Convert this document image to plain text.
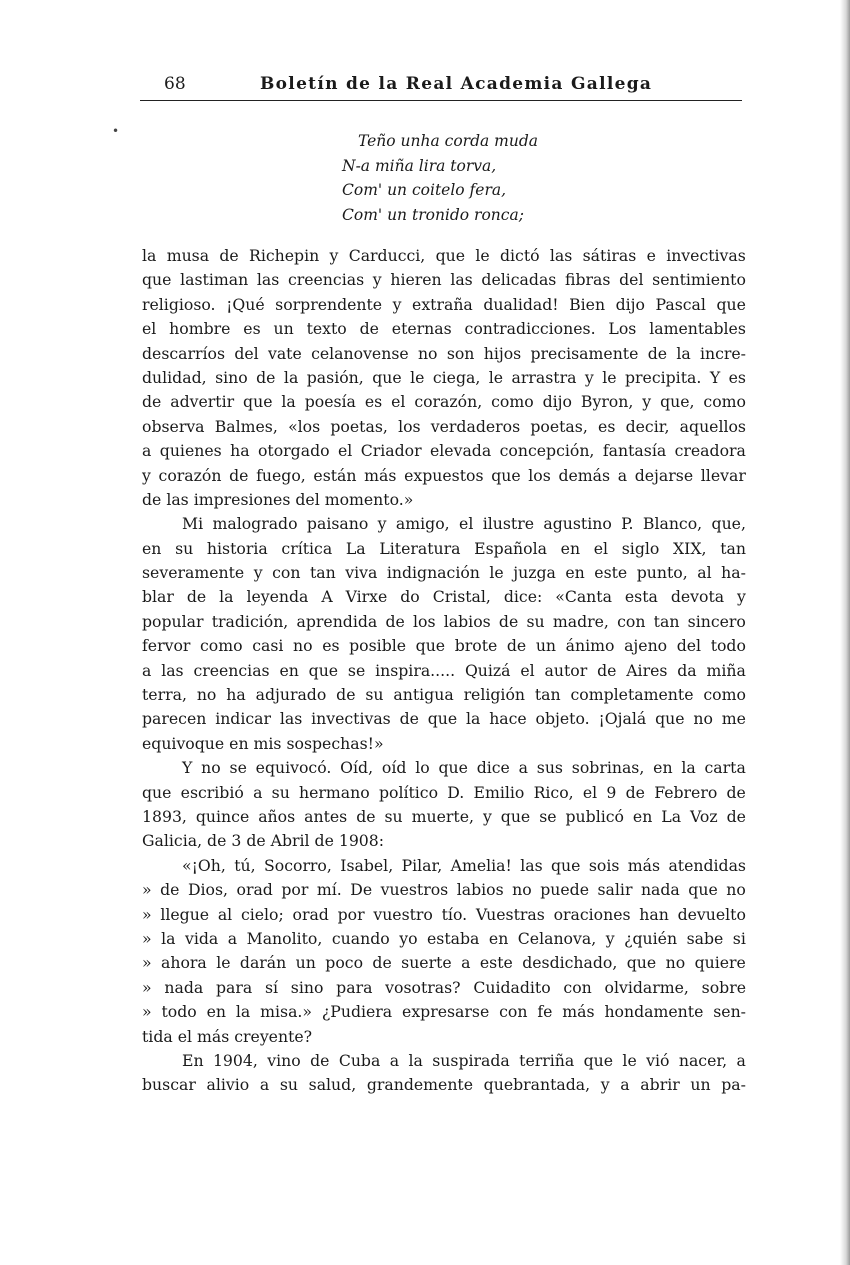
68	Boletín de la Real Academia Gallega
•
Teño unha corda muda
N-a miña lira torva,
Com' un coitelo fera,
Com' un tronido ronca;
la musa de Richepin y Carducci, que le dictó las sátiras e invectivas
que lastiman las creencias y hieren las delicadas fibras del sentimiento
religioso. ¡Qué sorprendente y extraña dualidad! Bien dijo Pascal que
el hombre es un texto de eternas contradicciones. Los lamentables
descarríos del vate celanovense no son hijos precisamente de la incre-
dulidad, sino de la pasión, que le ciega, le arrastra y le precipita. Y es
de advertir que la poesía es el corazón, como dijo Byron, y que, como
observa Balmes, «los poetas, los verdaderos poetas, es decir, aquellos
a quienes ha otorgado el Criador elevada concepción, fantasía creadora
y corazón de fuego, están más expuestos que los demás a dejarse llevar
de las impresiones del momento.»
Mi malogrado paisano y amigo, el ilustre agustino P. Blanco, que,
en su historia crítica La Literatura Española en el siglo XIX, tan
severamente y con tan viva indignación le juzga en este punto, al ha-
blar de la leyenda A Virxe do Cristal, dice: «Canta esta devota y
popular tradición, aprendida de los labios de su madre, con tan sincero
fervor como casi no es posible que brote de un ánimo ajeno del todo
a las creencias en que se inspira..... Quizá el autor de Aires da miña
terra, no ha adjurado de su antigua religión tan completamente como
parecen indicar las invectivas de que la hace objeto. ¡Ojalá que no me
equivoque en mis sospechas!»
Y no se equivocó. Oíd, oíd lo que dice a sus sobrinas, en la carta
que escribió a su hermano político D. Emilio Rico, el 9 de Febrero de
1893, quince años antes de su muerte, y que se publicó en La Voz de
Galicia, de 3 de Abril de 1908:
«¡Oh, tú, Socorro, Isabel, Pilar, Amelia! las que sois más atendidas
» de Dios, orad por mí. De vuestros labios no puede salir nada que no
» llegue al cielo; orad por vuestro tío. Vuestras oraciones han devuelto
» la vida a Manolito, cuando yo estaba en Celanova, y ¿quién sabe si
» ahora le darán un poco de suerte a este desdichado, que no quiere
» nada para sí sino para vosotras? Cuidadito con olvidarme, sobre
» todo en la misa.» ¿Pudiera expresarse con fe más hondamente sen-
tida el más creyente?
En 1904, vino de Cuba a la suspirada terriña que le vió nacer, a
buscar alivio a su salud, grandemente quebrantada, y a abrir un pa-
